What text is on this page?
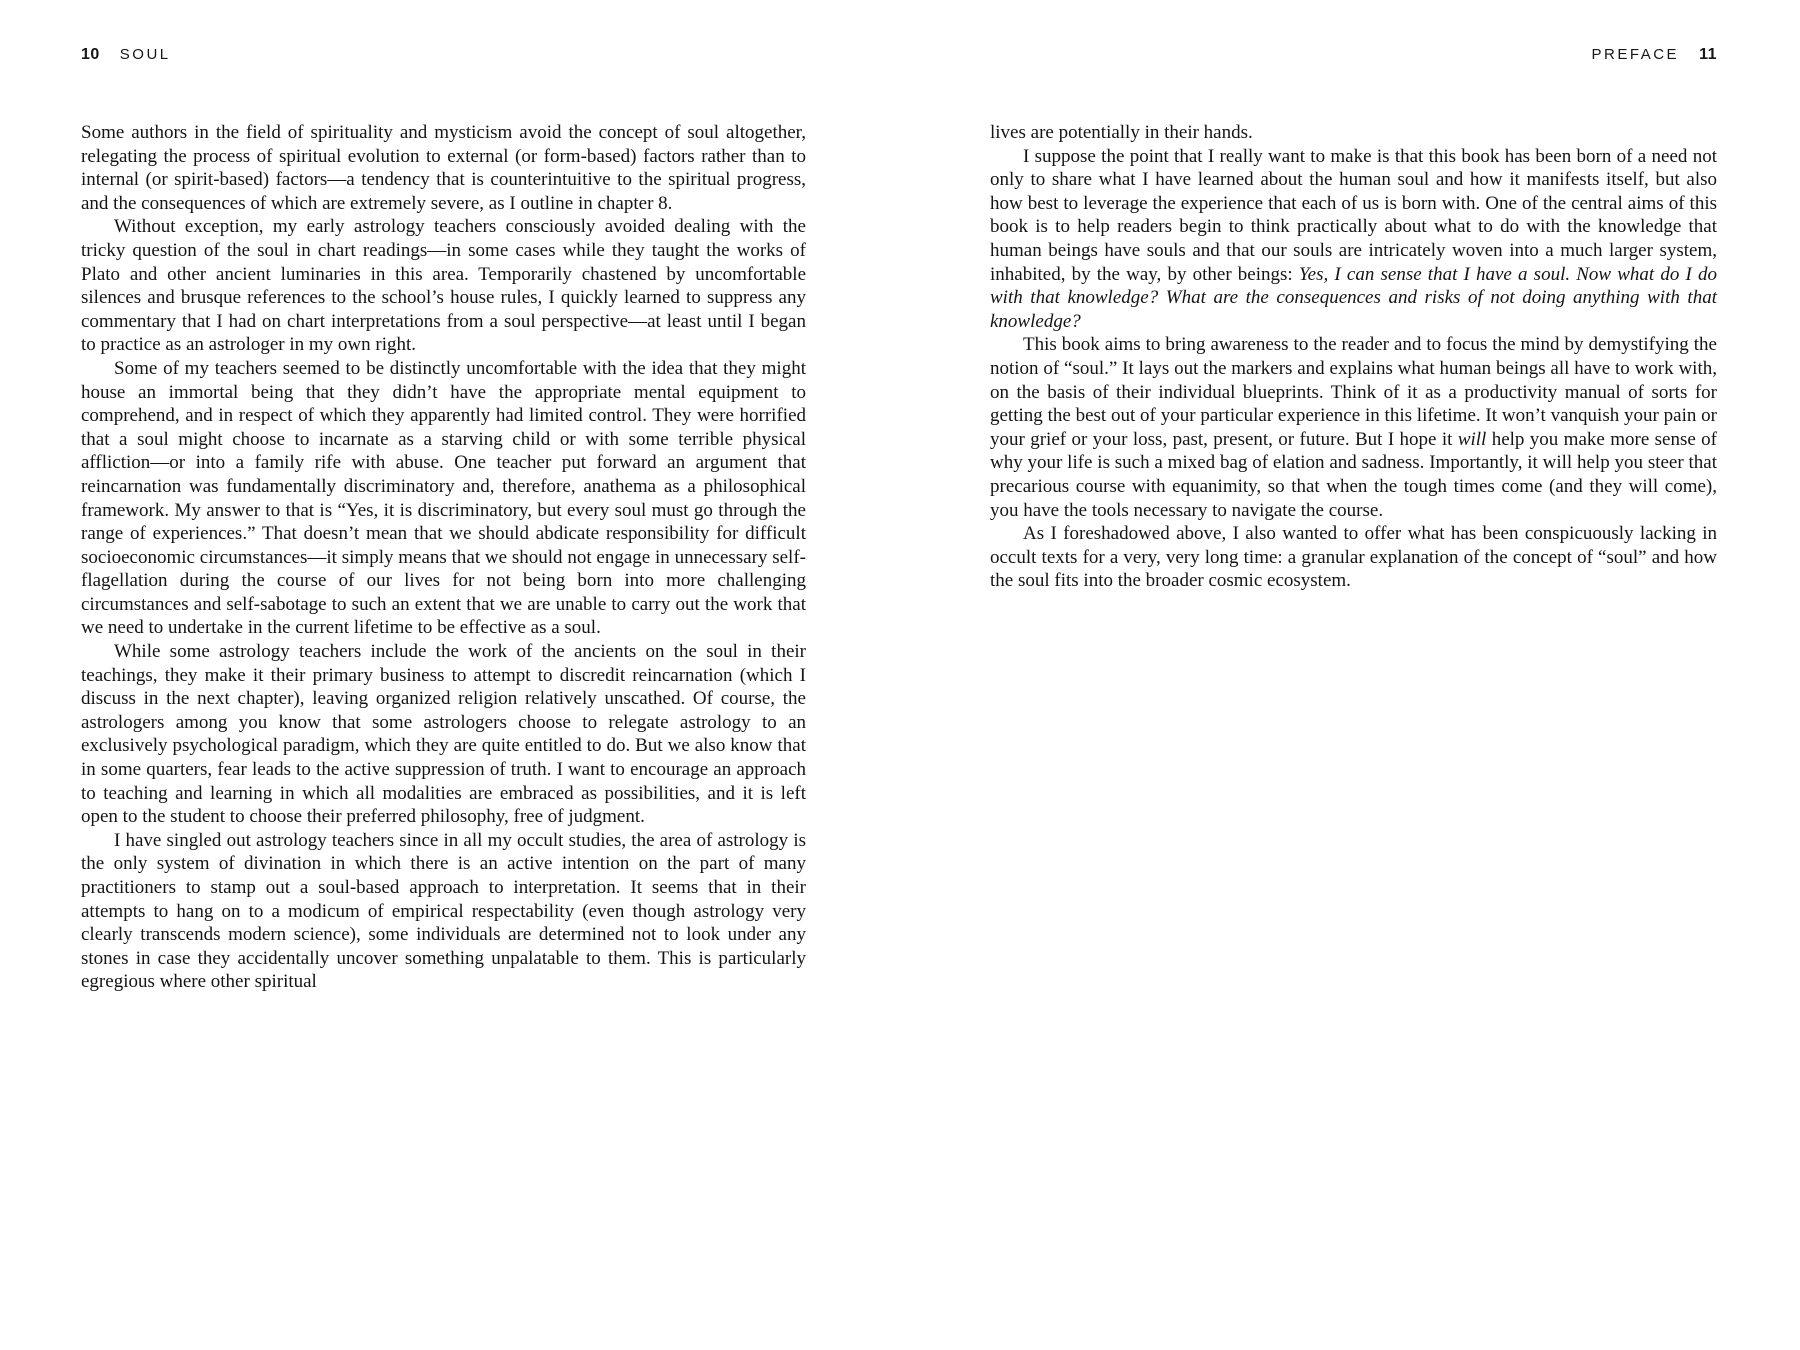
10 SOUL	PREFACE 11

Some authors in the field of spirituality and mysticism avoid the concept of soul altogether, relegating the process of spiritual evolution to external (or form-based) factors rather than to internal (or spirit-based) factors—a tendency that is counterintuitive to the spiritual progress, and the consequences of which are extremely severe, as I outline in chapter 8.

Without exception, my early astrology teachers consciously avoided dealing with the tricky question of the soul in chart readings—in some cases while they taught the works of Plato and other ancient luminaries in this area. Temporarily chastened by uncomfortable silences and brusque references to the school’s house rules, I quickly learned to suppress any commentary that I had on chart interpretations from a soul perspective—at least until I began to practice as an astrologer in my own right.

Some of my teachers seemed to be distinctly uncomfortable with the idea that they might house an immortal being that they didn’t have the appropriate mental equipment to comprehend, and in respect of which they apparently had limited control. They were horrified that a soul might choose to incarnate as a starving child or with some terrible physical affliction—or into a family rife with abuse. One teacher put forward an argument that reincarnation was fundamentally discriminatory and, therefore, anathema as a philosophical framework. My answer to that is “Yes, it is discriminatory, but every soul must go through the range of experiences.” That doesn’t mean that we should abdicate responsibility for difficult socioeconomic circumstances—it simply means that we should not engage in unnecessary self-flagellation during the course of our lives for not being born into more challenging circumstances and self-sabotage to such an extent that we are unable to carry out the work that we need to undertake in the current lifetime to be effective as a soul.

While some astrology teachers include the work of the ancients on the soul in their teachings, they make it their primary business to attempt to discredit reincarnation (which I discuss in the next chapter), leaving organized religion relatively unscathed. Of course, the astrologers among you know that some astrologers choose to relegate astrology to an exclusively psychological paradigm, which they are quite entitled to do. But we also know that in some quarters, fear leads to the active suppression of truth. I want to encourage an approach to teaching and learning in which all modalities are embraced as possibilities, and it is left open to the student to choose their preferred philosophy, free of judgment.

I have singled out astrology teachers since in all my occult studies, the area of astrology is the only system of divination in which there is an active intention on the part of many practitioners to stamp out a soul-based approach to interpretation. It seems that in their attempts to hang on to a modicum of empirical respectability (even though astrology very clearly transcends modern science), some individuals are determined not to look under any stones in case they accidentally uncover something unpalatable to them. This is particularly egregious where other spiritual

lives are potentially in their hands.

I suppose the point that I really want to make is that this book has been born of a need not only to share what I have learned about the human soul and how it manifests itself, but also how best to leverage the experience that each of us is born with. One of the central aims of this book is to help readers begin to think practically about what to do with the knowledge that human beings have souls and that our souls are intricately woven into a much larger system, inhabited, by the way, by other beings: Yes, I can sense that I have a soul. Now what do I do with that knowledge? What are the consequences and risks of not doing anything with that knowledge?

This book aims to bring awareness to the reader and to focus the mind by demystifying the notion of “soul.” It lays out the markers and explains what human beings all have to work with, on the basis of their individual blueprints. Think of it as a productivity manual of sorts for getting the best out of your particular experience in this lifetime. It won’t vanquish your pain or your grief or your loss, past, present, or future. But I hope it will help you make more sense of why your life is such a mixed bag of elation and sadness. Importantly, it will help you steer that precarious course with equanimity, so that when the tough times come (and they will come), you have the tools necessary to navigate the course.

As I foreshadowed above, I also wanted to offer what has been conspicuously lacking in occult texts for a very, very long time: a granular explanation of the concept of “soul” and how the soul fits into the broader cosmic ecosystem.
